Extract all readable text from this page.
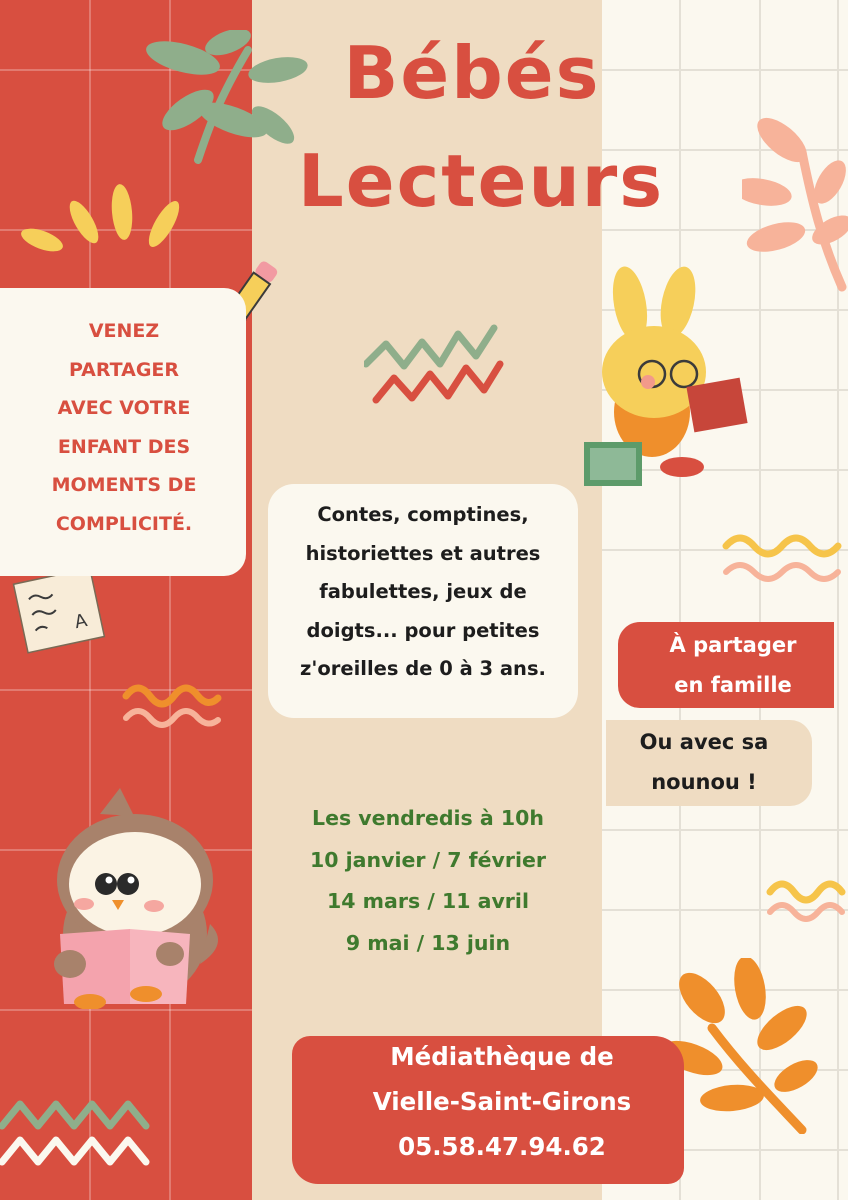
A
Bébés
Lecteurs
VENEZ
PARTAGER
AVEC VOTRE
ENFANT DES
MOMENTS DE
COMPLICITÉ.	Contes, comptines,
historiettes et autres
fabulettes, jeux de
doigts... pour petites
z'oreilles de 0 à 3 ans.
À partager
en famille
Ou avec sa
nounou !
Les vendredis à 10h
10 janvier / 7 février
14 mars / 11 avril
9 mai / 13 juin
Médiathèque de
Vielle-Saint-Girons
05.58.47.94.62
